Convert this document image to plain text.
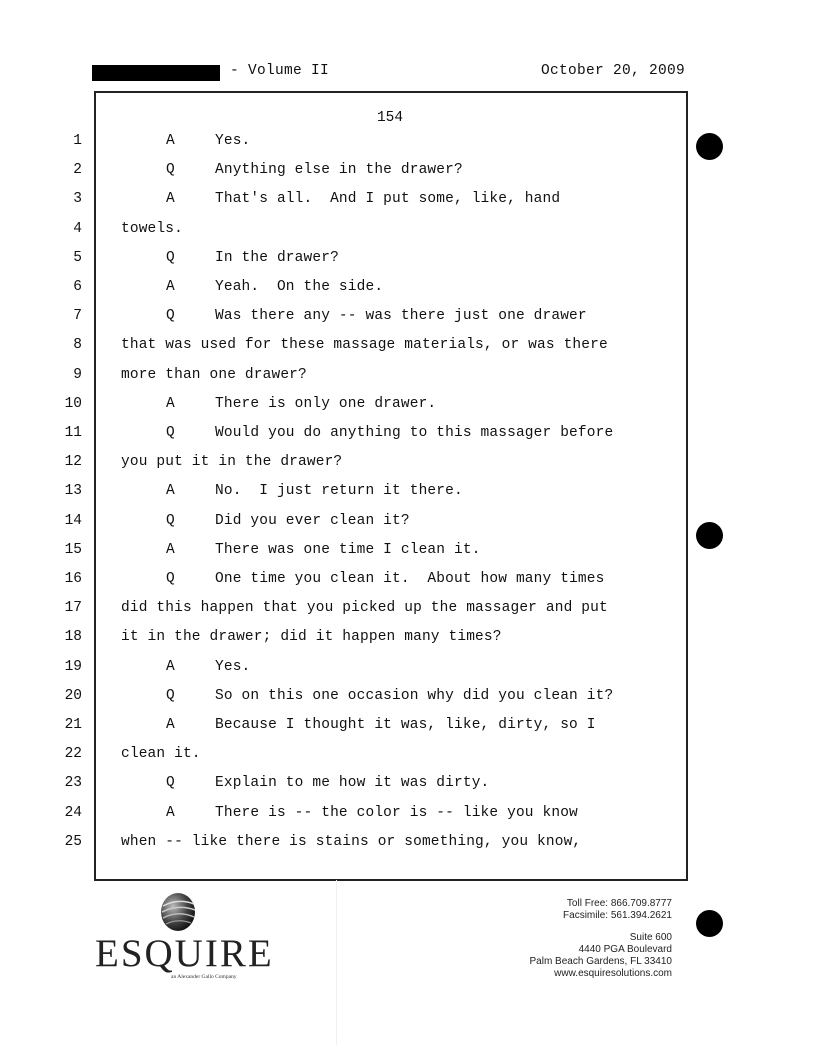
- Volume II	October 20, 2009
154
1	A	Yes.
2	Q	Anything else in the drawer?
3	A	That's all.  And I put some, like, hand
4	towels.
5	Q	In the drawer?
6	A	Yeah.  On the side.
7	Q	Was there any -- was there just one drawer
8	that was used for these massage materials, or was there
9	more than one drawer?
10	A	There is only one drawer.
11	Q	Would you do anything to this massager before
12	you put it in the drawer?
13	A	No.  I just return it there.
14	Q	Did you ever clean it?
15	A	There was one time I clean it.
16	Q	One time you clean it.  About how many times
17	did this happen that you picked up the massager and put
18	it in the drawer; did it happen many times?
19	A	Yes.
20	Q	So on this one occasion why did you clean it?
21	A	Because I thought it was, like, dirty, so I
22	clean it.
23	Q	Explain to me how it was dirty.
24	A	There is -- the color is -- like you know
25	when -- like there is stains or something, you know,
ESQUIRE
an Alexander Gallo Company
Toll Free: 866.709.8777
Facsimile: 561.394.2621
Suite 600
4440 PGA Boulevard
Palm Beach Gardens, FL 33410
www.esquiresolutions.com
